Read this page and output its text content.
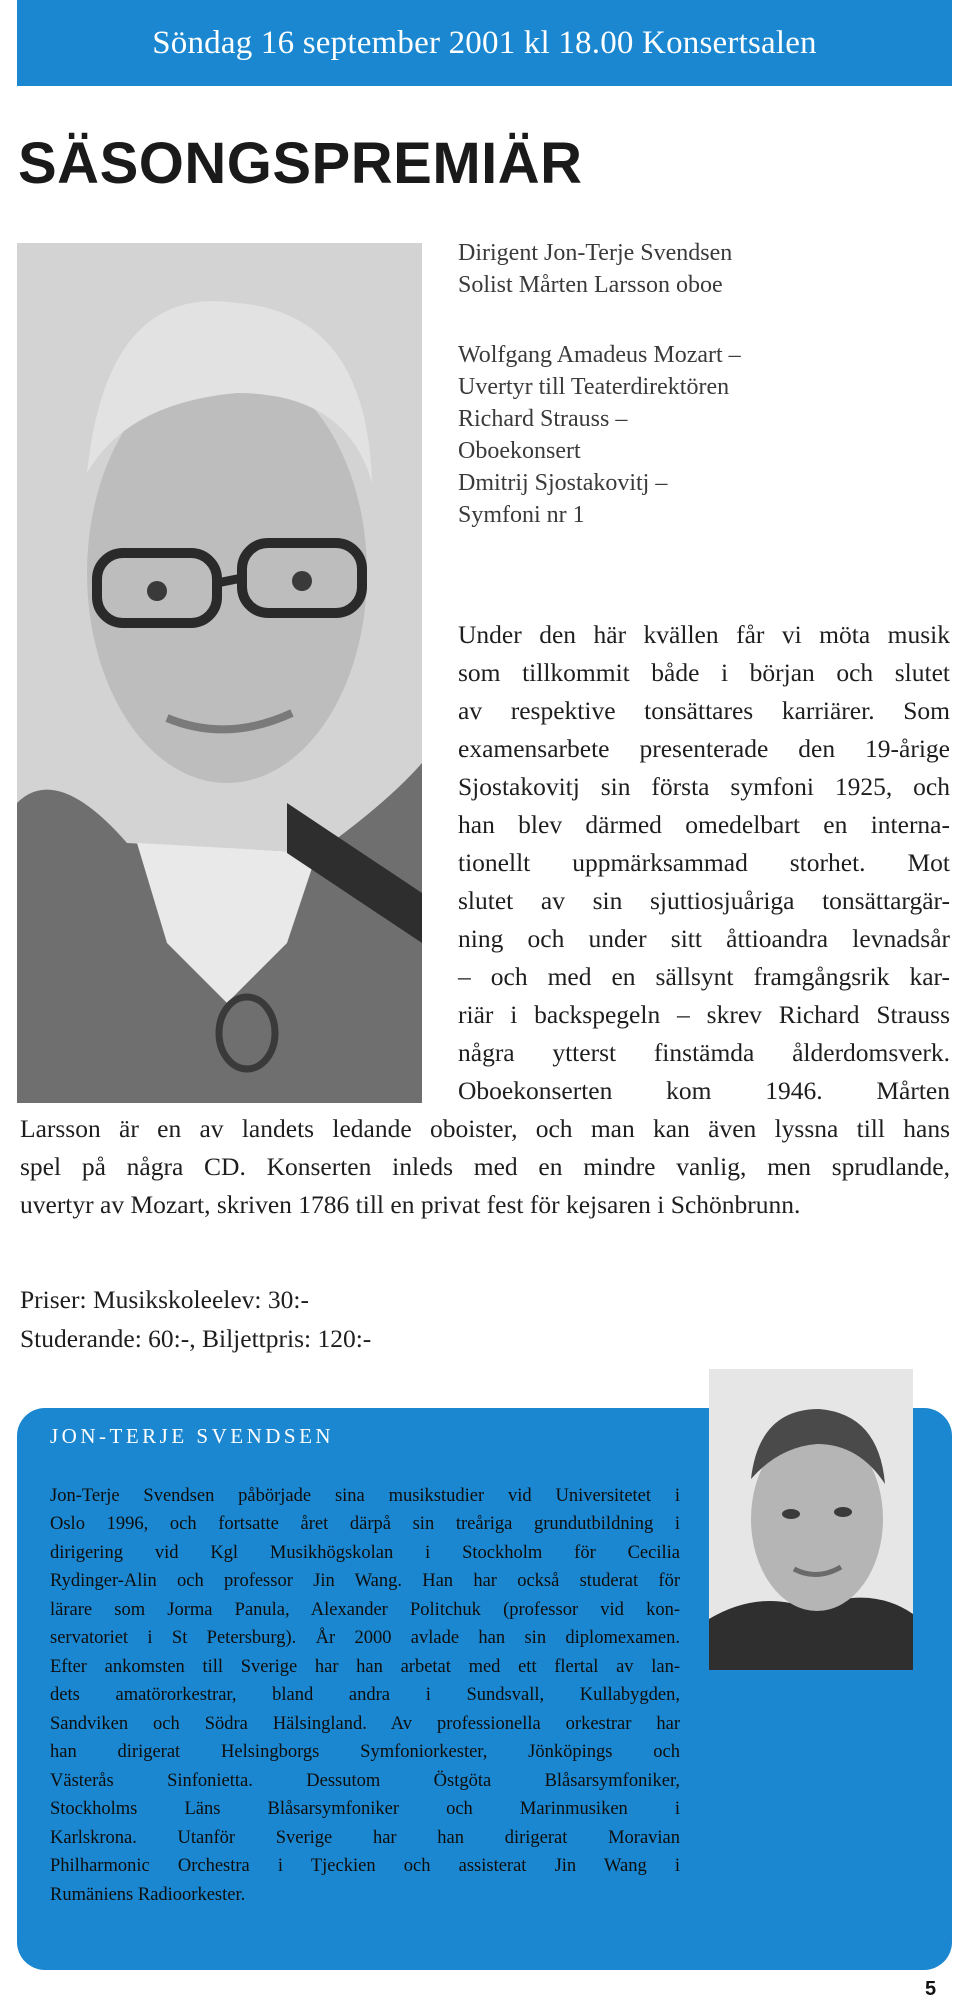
Söndag 16 september 2001 kl 18.00 Konsertsalen
SÄSONGSPREMIÄR
Dirigent Jon-Terje Svendsen
Solist Mårten Larsson oboe
Wolfgang Amadeus Mozart –
Uvertyr till Teaterdirektören
Richard Strauss –
Oboekonsert
Dmitrij Sjostakovitj –
Symfoni nr 1
Under den här kvällen får vi möta musik
som tillkommit både i början och slutet
av respektive tonsättares karriärer. Som
examensarbete presenterade den 19-årige
Sjostakovitj sin första symfoni 1925, och
han blev därmed omedelbart en interna-
tionellt uppmärksammad storhet. Mot
slutet av sin sjuttiosjuåriga tonsättargär-
ning och under sitt åttioandra levnadsår
– och med en sällsynt framgångsrik kar-
riär i backspegeln – skrev Richard Strauss
några ytterst finstämda ålderdomsverk.
Oboekonserten kom 1946. Mårten
Larsson är en av landets ledande oboister, och man kan även lyssna till hans
spel på några CD. Konserten inleds med en mindre vanlig, men sprudlande,
uvertyr av Mozart, skriven 1786 till en privat fest för kejsaren i Schönbrunn.
Priser: Musikskoleelev: 30:-
Studerande: 60:-, Biljettpris: 120:-
JON-TERJE SVENDSEN
Jon-Terje Svendsen påbörjade sina musikstudier vid Universitetet i
Oslo 1996, och fortsatte året därpå sin treåriga grundutbildning i
dirigering vid Kgl Musikhögskolan i Stockholm för Cecilia
Rydinger-Alin och professor Jin Wang. Han har också studerat för
lärare som Jorma Panula, Alexander Politchuk (professor vid kon-
servatoriet i St Petersburg). År 2000 avlade han sin diplomexamen.
Efter ankomsten till Sverige har han arbetat med ett flertal av lan-
dets amatörorkestrar, bland andra i Sundsvall, Kullabygden,
Sandviken och Södra Hälsingland. Av professionella orkestrar har
han dirigerat Helsingborgs Symfoniorkester, Jönköpings och
Västerås Sinfonietta. Dessutom Östgöta Blåsarsymfoniker,
Stockholms Läns Blåsarsymfoniker och Marinmusiken i
Karlskrona. Utanför Sverige har han dirigerat Moravian
Philharmonic Orchestra i Tjeckien och assisterat Jin Wang i
Rumäniens Radioorkester.
5
